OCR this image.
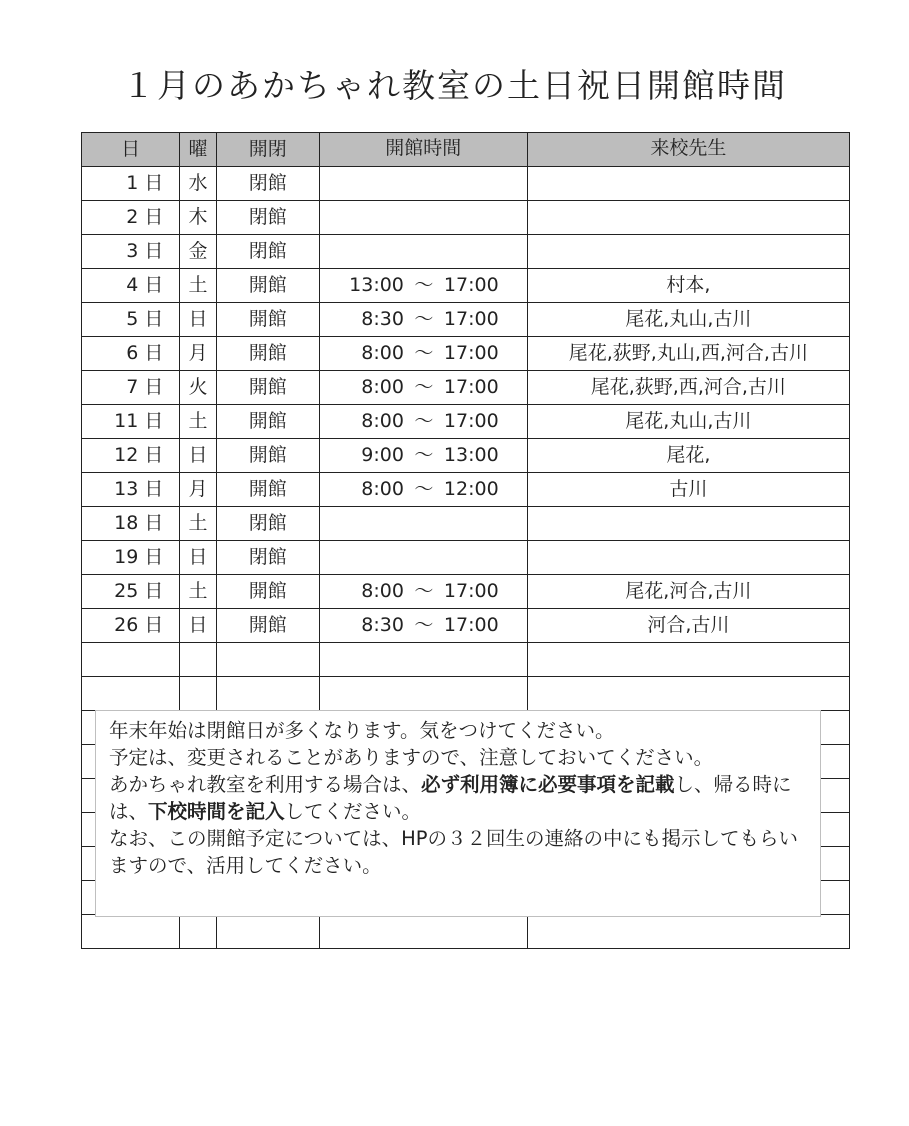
１月のあかちゃれ教室の土日祝日開館時間
日	曜	開閉	開館時間	来校先生
1 日	水	閉館		
2 日	木	閉館		
3 日	金	閉館		
4 日	土	開館	13:00 ～ 17:00	村本,
5 日	日	開館	8:30 ～ 17:00	尾花,丸山,古川
6 日	月	開館	8:00 ～ 17:00	尾花,荻野,丸山,西,河合,古川
7 日	火	開館	8:00 ～ 17:00	尾花,荻野,西,河合,古川
11 日	土	開館	8:00 ～ 17:00	尾花,丸山,古川
12 日	日	開館	9:00 ～ 13:00	尾花,
13 日	月	開館	8:00 ～ 12:00	古川
18 日	土	閉館		
19 日	日	閉館		
25 日	土	開館	8:00 ～ 17:00	尾花,河合,古川
26 日	日	開館	8:30 ～ 17:00	河合,古川

年末年始は閉館日が多くなります。気をつけてください。

予定は、変更されることがありますので、注意しておいてください。

あかちゃれ教室を利用する場合は、必ず利用簿に必要事項を記載し、帰る時には、下校時間を記入してください。

なお、この開館予定については、HPの３２回生の連絡の中にも掲示してもらいますので、活用してください。
